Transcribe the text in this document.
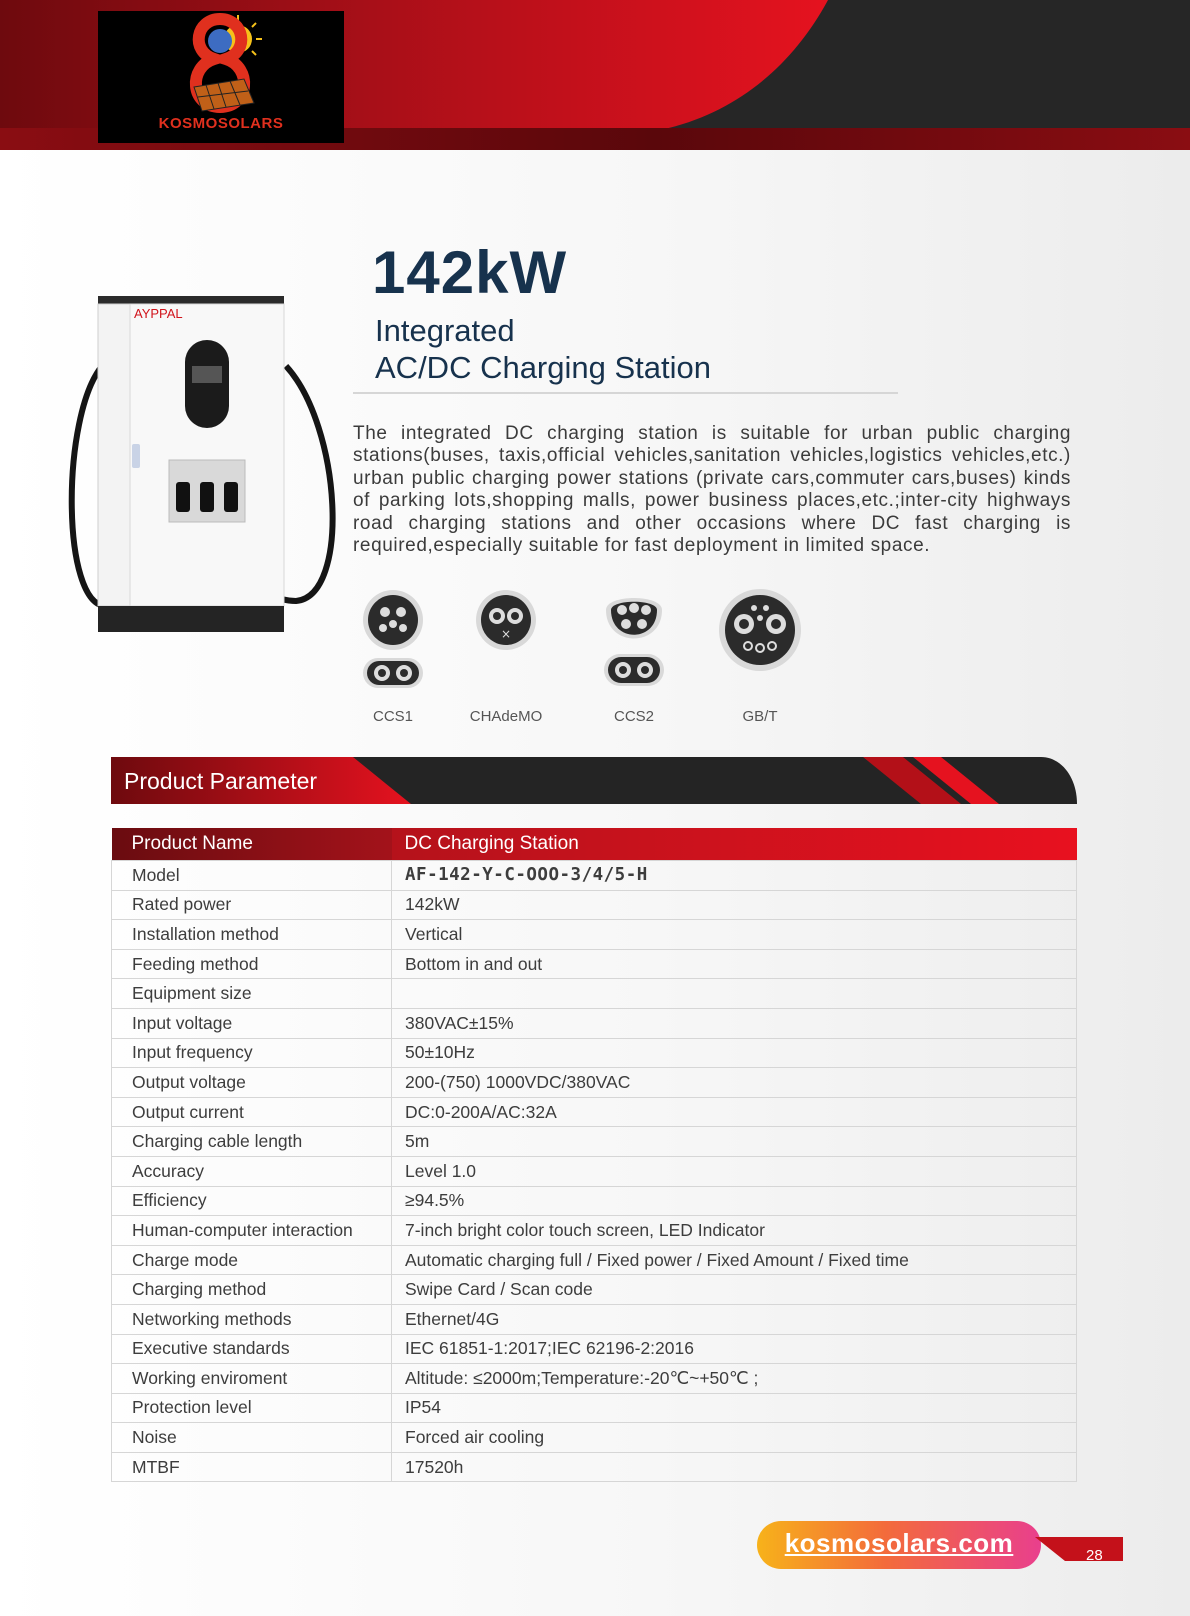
KOSMOSOLARS
AYPPAL
142kW
Integrated
AC/DC Charging Station
The integrated DC charging station is suitable for urban public charging stations(buses, taxis,official vehicles,sanitation vehicles,logistics vehicles,etc.) urban public charging power stations (private cars,commuter cars,buses) kinds of parking lots,shopping malls, power business places,etc.;inter-city highways road charging stations and other occasions where DC fast charging is required,especially suitable for fast deployment in limited space.
CCS1
×
CHAdeMO	CCS2	GB/T
Product Parameter
Product Name	DC Charging Station
Model	AF-142-Y-C-OOO-3/4/5-H
Rated power	142kW
Installation method	Vertical
Feeding method	Bottom in and out
Equipment size	
Input voltage	380VAC±15%
Input frequency	50±10Hz
Output voltage	200-(750) 1000VDC/380VAC
Output current	DC:0-200A/AC:32A
Charging cable length	5m
Accuracy	Level 1.0
Efficiency	≥94.5%
Human-computer interaction	7-inch bright color touch screen, LED Indicator
Charge mode	Automatic charging full / Fixed power / Fixed Amount / Fixed time
Charging method	Swipe Card / Scan code
Networking methods	Ethernet/4G
Executive standards	IEC 61851-1:2017;IEC 62196-2:2016
Working enviroment	Altitude: ≤2000m;Temperature:-20℃~+50℃ ;
Protection level	IP54
Noise	Forced air cooling
MTBF	17520h
kosmosolars.com	28
